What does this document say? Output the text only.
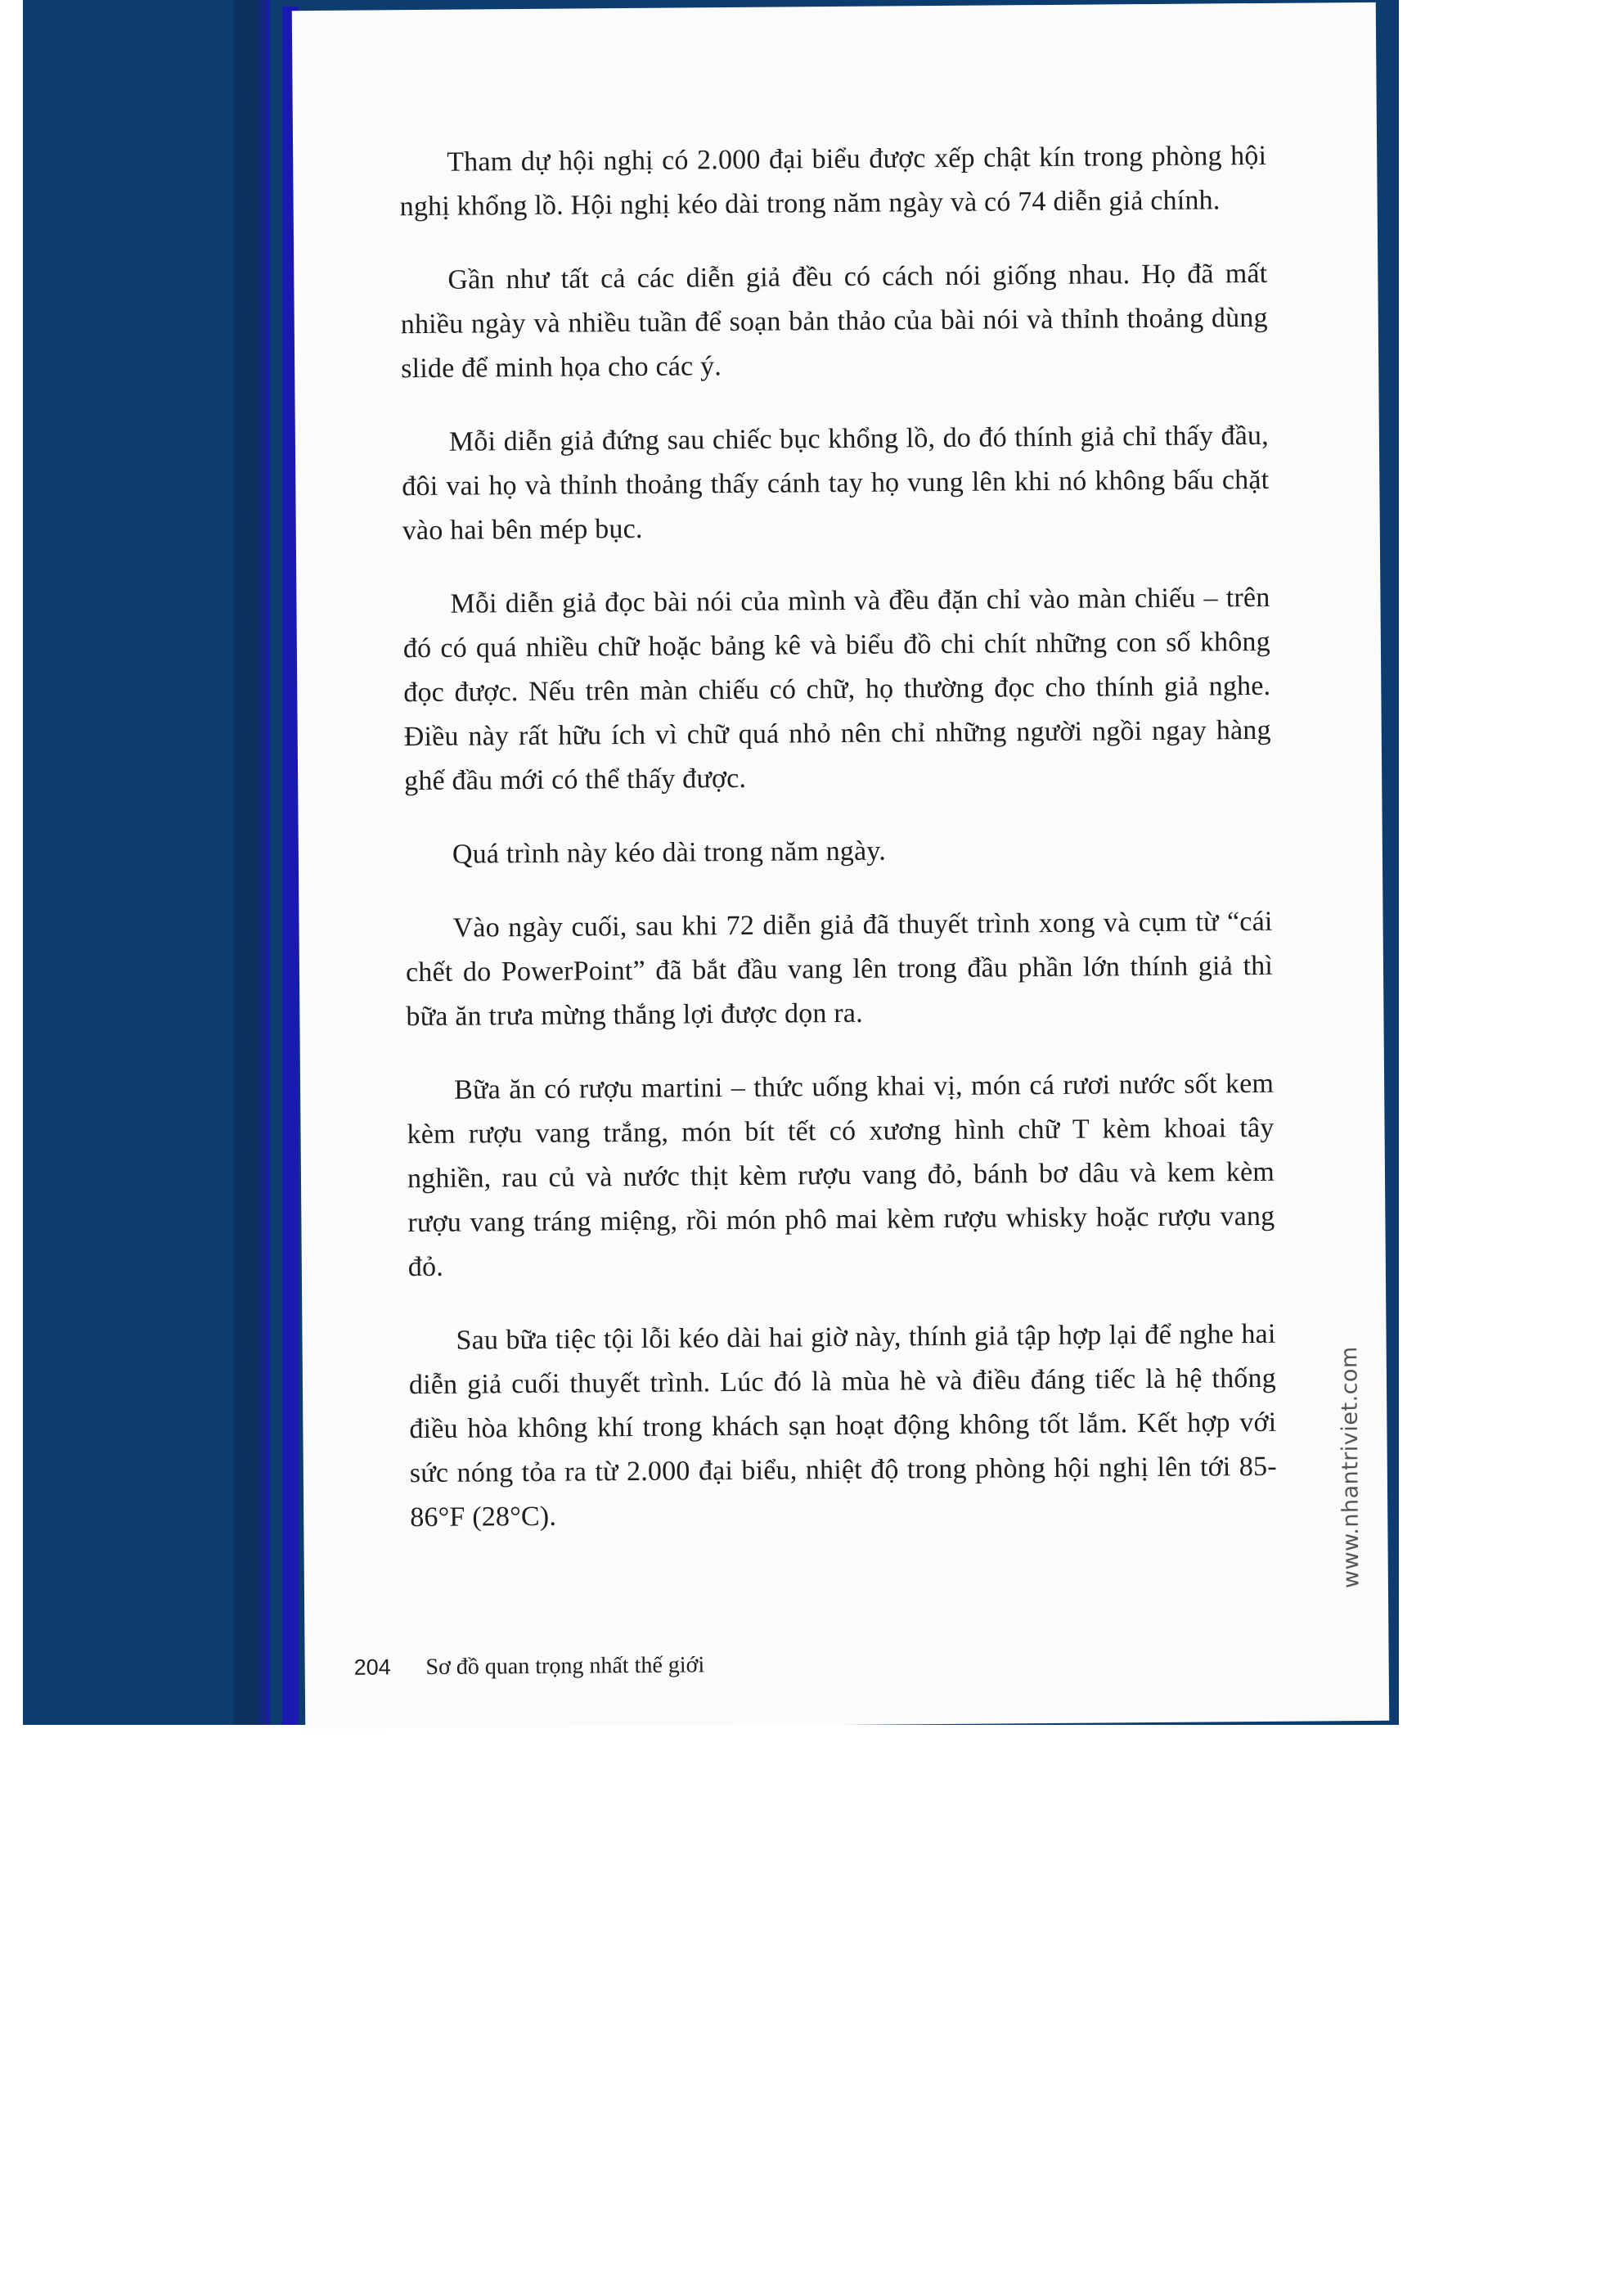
Tham dự hội nghị có 2.000 đại biểu được xếp chật kín trong phòng hội nghị khổng lồ. Hội nghị kéo dài trong năm ngày và có 74 diễn giả chính.

Gần như tất cả các diễn giả đều có cách nói giống nhau. Họ đã mất nhiều ngày và nhiều tuần để soạn bản thảo của bài nói và thỉnh thoảng dùng slide để minh họa cho các ý.

Mỗi diễn giả đứng sau chiếc bục khổng lồ, do đó thính giả chỉ thấy đầu, đôi vai họ và thỉnh thoảng thấy cánh tay họ vung lên khi nó không bấu chặt vào hai bên mép bục.

Mỗi diễn giả đọc bài nói của mình và đều đặn chỉ vào màn chiếu – trên đó có quá nhiều chữ hoặc bảng kê và biểu đồ chi chít những con số không đọc được. Nếu trên màn chiếu có chữ, họ thường đọc cho thính giả nghe. Điều này rất hữu ích vì chữ quá nhỏ nên chỉ những người ngồi ngay hàng ghế đầu mới có thể thấy được.

Quá trình này kéo dài trong năm ngày.

Vào ngày cuối, sau khi 72 diễn giả đã thuyết trình xong và cụm từ “cái chết do PowerPoint” đã bắt đầu vang lên trong đầu phần lớn thính giả thì bữa ăn trưa mừng thắng lợi được dọn ra.

Bữa ăn có rượu martini – thức uống khai vị, món cá rươi nước sốt kem kèm rượu vang trắng, món bít tết có xương hình chữ T kèm khoai tây nghiền, rau củ và nước thịt kèm rượu vang đỏ, bánh bơ dâu và kem kèm rượu vang tráng miệng, rồi món phô mai kèm rượu whisky hoặc rượu vang đỏ.

Sau bữa tiệc tội lỗi kéo dài hai giờ này, thính giả tập hợp lại để nghe hai diễn giả cuối thuyết trình. Lúc đó là mùa hè và điều đáng tiếc là hệ thống điều hòa không khí trong khách sạn hoạt động không tốt lắm. Kết hợp với sức nóng tỏa ra từ 2.000 đại biểu, nhiệt độ trong phòng hội nghị lên tới 85-86°F (28°C).	www.nhantriviet.com
204 Sơ đồ quan trọng nhất thế giới
